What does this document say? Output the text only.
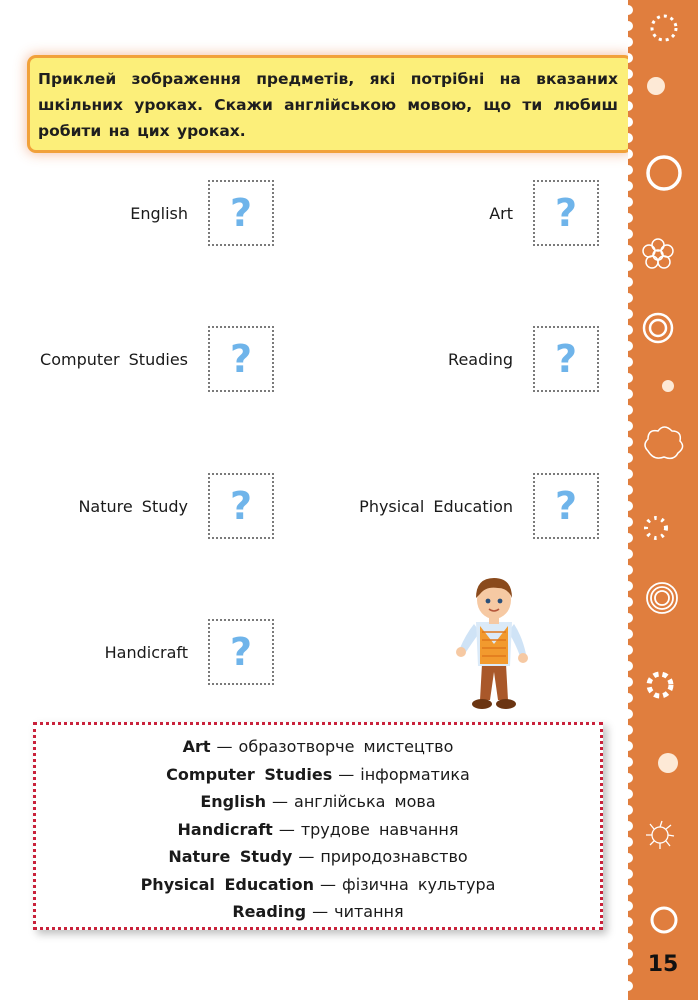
Приклей зображення предметів, які потрібні на вказаних шкільних уроках. Скажи англійською мовою, що ти любиш робити на цих уроках.
English ?
Computer Studies ?
Nature Study ?
Handicraft ?
Art ?
Reading ?
Physical Education ?
Art — образотворче мистецтво
Computer Studies — інформатика
English — англійська мова
Handicraft — трудове навчання
Nature Study — природознавство
Physical Education — фізична культура
Reading — читання
15
